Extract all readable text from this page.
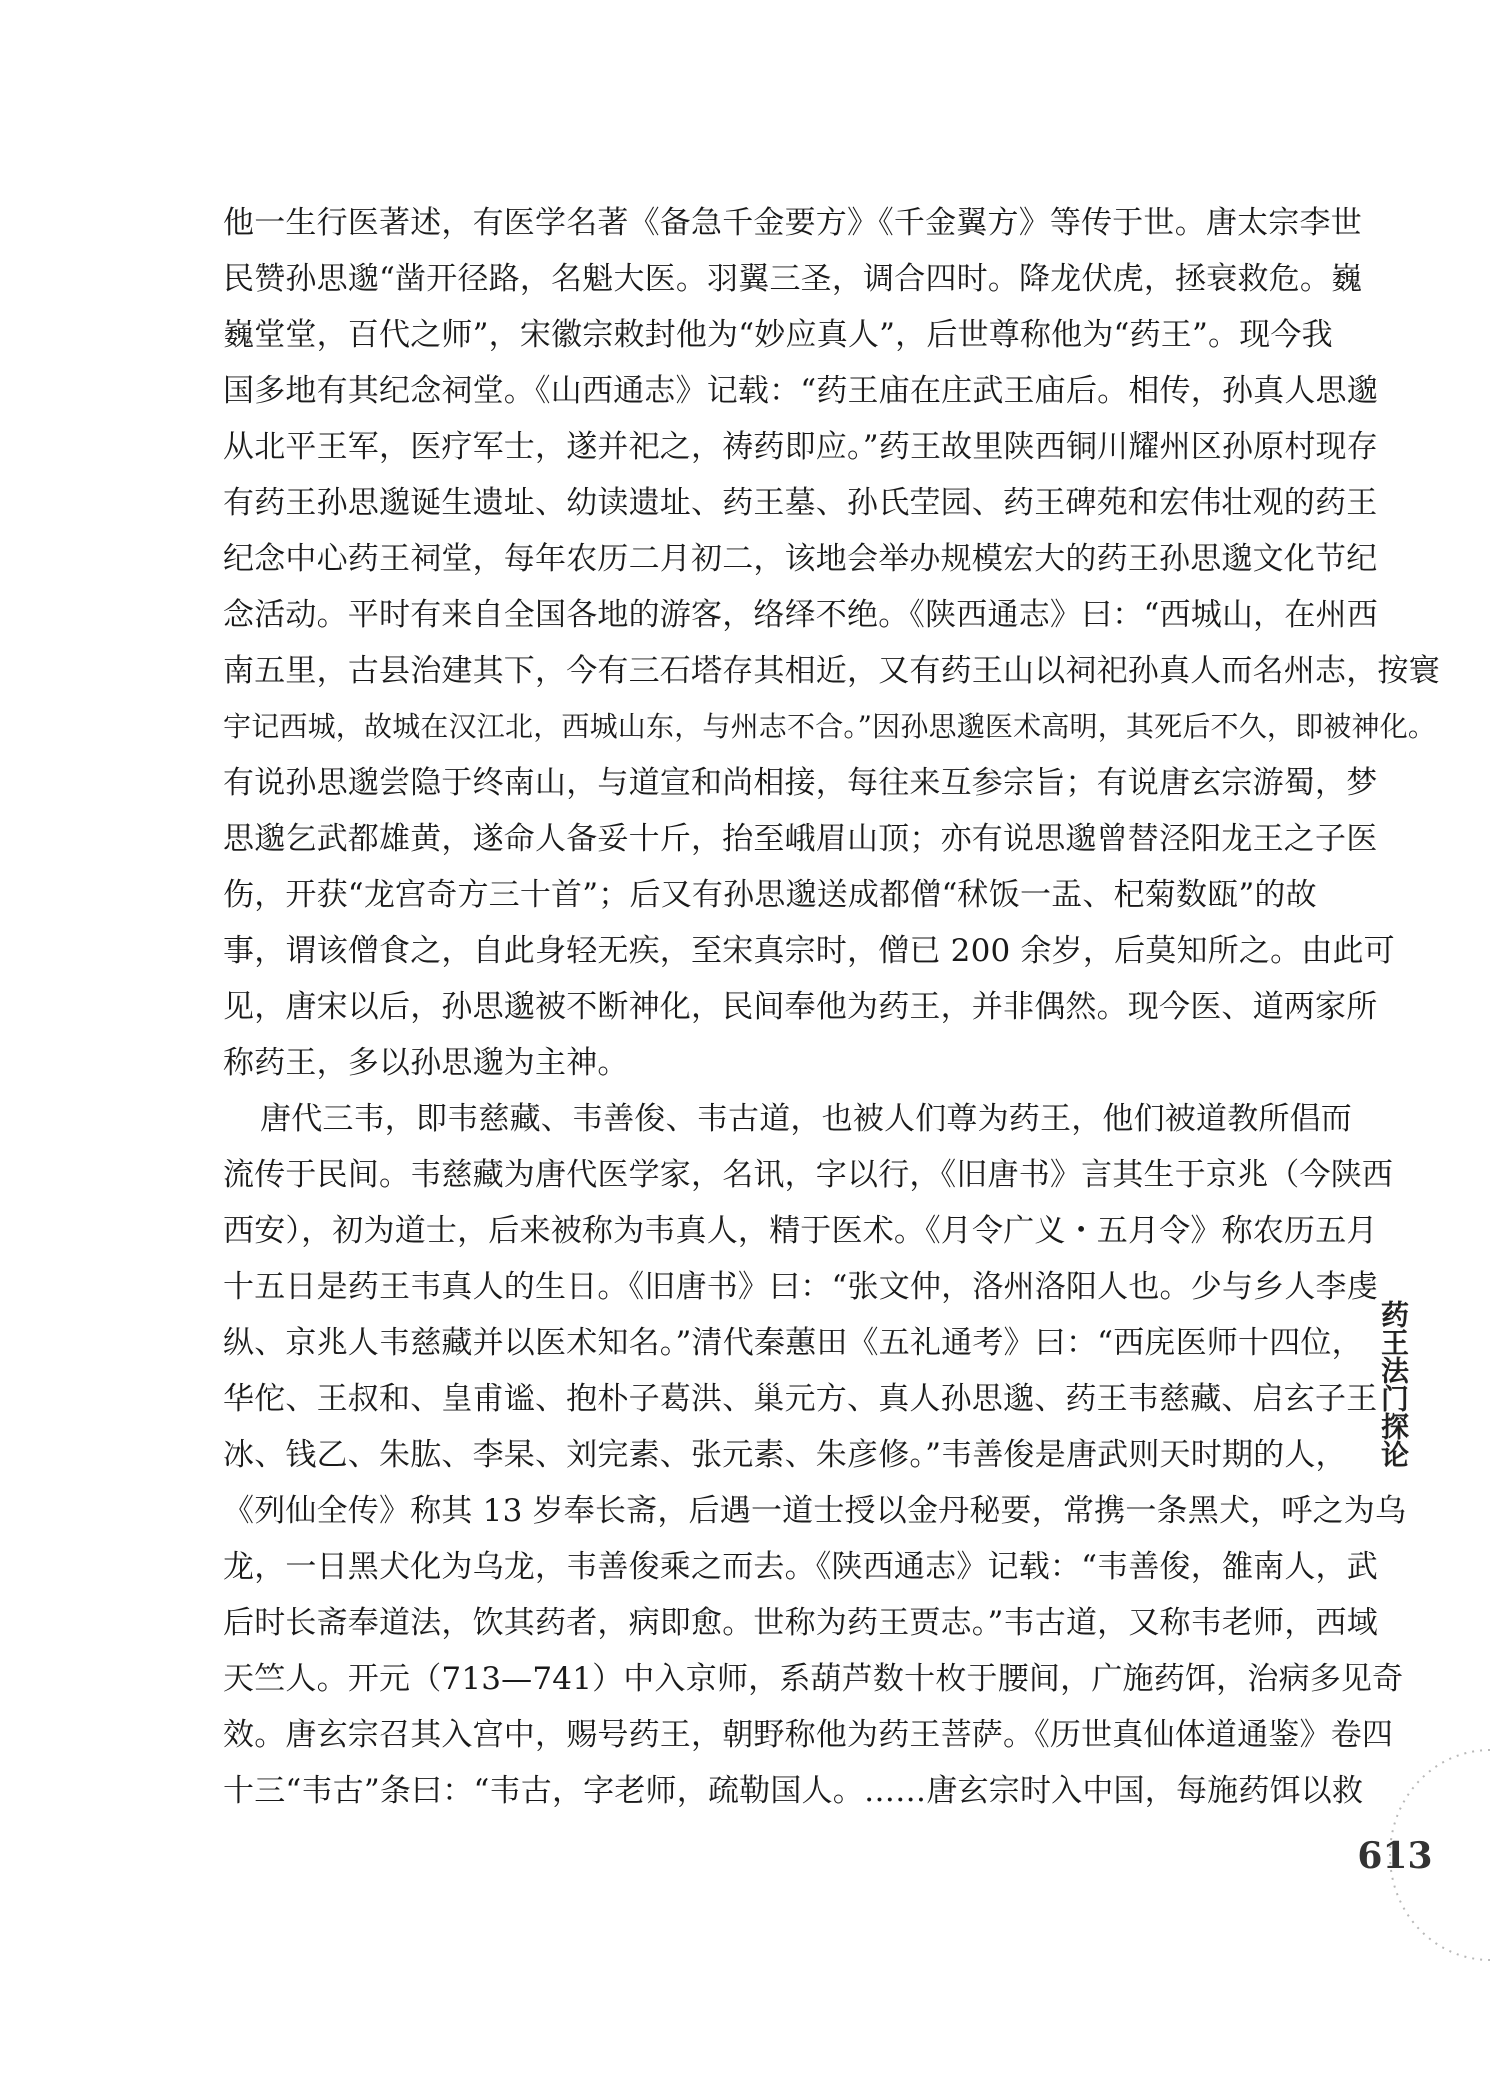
他一生行医著述，有医学名著《备急千金要方》《千金翼方》等传于世。唐太宗李世
民赞孙思邈“凿开径路，名魁大医。羽翼三圣，调合四时。降龙伏虎，拯衰救危。巍
巍堂堂，百代之师”，宋徽宗敕封他为“妙应真人”，后世尊称他为“药王”。现今我
国多地有其纪念祠堂。《山西通志》记载：“药王庙在庄武王庙后。相传，孙真人思邈
从北平王军，医疗军士，遂并祀之，祷药即应。”药王故里陕西铜川耀州区孙原村现存
有药王孙思邈诞生遗址、幼读遗址、药王墓、孙氏茔园、药王碑苑和宏伟壮观的药王
纪念中心药王祠堂，每年农历二月初二，该地会举办规模宏大的药王孙思邈文化节纪
念活动。平时有来自全国各地的游客，络绎不绝。《陕西通志》曰：“西城山，在州西
南五里，古县治建其下，今有三石塔存其相近，又有药王山以祠祀孙真人而名州志，按寰
宇记西城，故城在汉江北，西城山东，与州志不合。”因孙思邈医术高明，其死后不久，即被神化。
有说孙思邈尝隐于终南山，与道宣和尚相接，每往来互参宗旨；有说唐玄宗游蜀，梦
思邈乞武都雄黄，遂命人备妥十斤，抬至峨眉山顶；亦有说思邈曾替泾阳龙王之子医
伤，开获“龙宫奇方三十首”；后又有孙思邈送成都僧“秫饭一盂、杞菊数瓯”的故
事，谓该僧食之，自此身轻无疾，至宋真宗时，僧已 200 余岁，后莫知所之。由此可
见，唐宋以后，孙思邈被不断神化，民间奉他为药王，并非偶然。现今医、道两家所
称药王，多以孙思邈为主神。
唐代三韦，即韦慈藏、韦善俊、韦古道，也被人们尊为药王，他们被道教所倡而
流传于民间。韦慈藏为唐代医学家，名讯，字以行，《旧唐书》言其生于京兆（今陕西
西安），初为道士，后来被称为韦真人，精于医术。《月令广义・五月令》称农历五月
十五日是药王韦真人的生日。《旧唐书》曰：“张文仲，洛州洛阳人也。少与乡人李虔
纵、京兆人韦慈藏并以医术知名。”清代秦蕙田《五礼通考》曰：“西庑医师十四位，
华佗、王叔和、皇甫谧、抱朴子葛洪、巢元方、真人孙思邈、药王韦慈藏、启玄子王
冰、钱乙、朱肱、李杲、刘完素、张元素、朱彦修。”韦善俊是唐武则天时期的人，
《列仙全传》称其 13 岁奉长斋，后遇一道士授以金丹秘要，常携一条黑犬，呼之为乌
龙，一日黑犬化为乌龙，韦善俊乘之而去。《陕西通志》记载：“韦善俊，雒南人，武
后时长斋奉道法，饮其药者，病即愈。世称为药王贾志。”韦古道，又称韦老师，西域
天竺人。开元（713—741）中入京师，系葫芦数十枚于腰间，广施药饵，治病多见奇
效。唐玄宗召其入宫中，赐号药王，朝野称他为药王菩萨。《历世真仙体道通鉴》卷四
十三“韦古”条曰：“韦古，字老师，疏勒国人。……唐玄宗时入中国，每施药饵以救
药王法门探论
613
